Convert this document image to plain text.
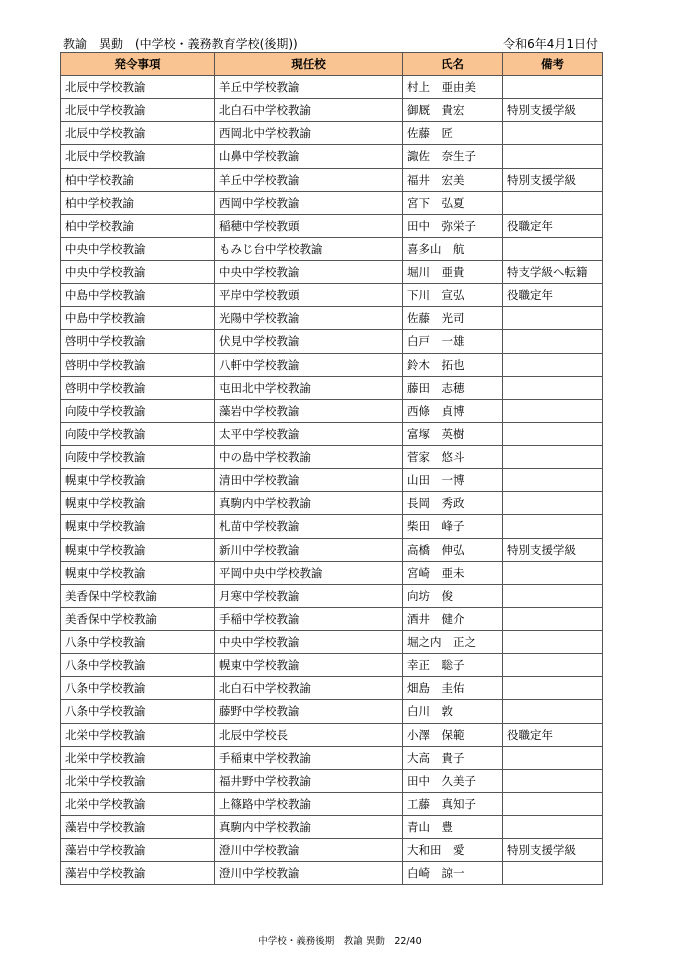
教諭　異動　(中学校・義務教育学校(後期))	令和6年4月1日付
発令事項	現任校	氏名	備考
北辰中学校教諭	羊丘中学校教諭	村上　亜由美	
北辰中学校教諭	北白石中学校教諭	御厩　貴宏	特別支援学級
北辰中学校教諭	西岡北中学校教諭	佐藤　匠	
北辰中学校教諭	山鼻中学校教諭	諏佐　奈生子	
柏中学校教諭	羊丘中学校教諭	福井　宏美	特別支援学級
柏中学校教諭	西岡中学校教諭	宮下　弘夏	
柏中学校教諭	稲穂中学校教頭	田中　弥栄子	役職定年
中央中学校教諭	もみじ台中学校教諭	喜多山　航	
中央中学校教諭	中央中学校教諭	堀川　亜貴	特支学級へ転籍
中島中学校教諭	平岸中学校教頭	下川　宣弘	役職定年
中島中学校教諭	光陽中学校教諭	佐藤　光司	
啓明中学校教諭	伏見中学校教諭	白戸　一雄	
啓明中学校教諭	八軒中学校教諭	鈴木　拓也	
啓明中学校教諭	屯田北中学校教諭	藤田　志穂	
向陵中学校教諭	藻岩中学校教諭	西條　貞博	
向陵中学校教諭	太平中学校教諭	富塚　英樹	
向陵中学校教諭	中の島中学校教諭	菅家　悠斗	
幌東中学校教諭	清田中学校教諭	山田　一博	
幌東中学校教諭	真駒内中学校教諭	長岡　秀政	
幌東中学校教諭	札苗中学校教諭	柴田　峰子	
幌東中学校教諭	新川中学校教諭	高橋　伸弘	特別支援学級
幌東中学校教諭	平岡中央中学校教諭	宮崎　亜未	
美香保中学校教諭	月寒中学校教諭	向坊　俊	
美香保中学校教諭	手稲中学校教諭	酒井　健介	
八条中学校教諭	中央中学校教諭	堀之内　正之	
八条中学校教諭	幌東中学校教諭	幸正　聡子	
八条中学校教諭	北白石中学校教諭	畑島　圭佑	
八条中学校教諭	藤野中学校教諭	白川　敦	
北栄中学校教諭	北辰中学校長	小澤　保範	役職定年
北栄中学校教諭	手稲東中学校教諭	大高　貴子	
北栄中学校教諭	福井野中学校教諭	田中　久美子	
北栄中学校教諭	上篠路中学校教諭	工藤　真知子	
藻岩中学校教諭	真駒内中学校教諭	青山　豊	
藻岩中学校教諭	澄川中学校教諭	大和田　愛	特別支援学級
藻岩中学校教諭	澄川中学校教諭	白崎　諒一	
中学校・義務後期　教諭 異動　22/40
